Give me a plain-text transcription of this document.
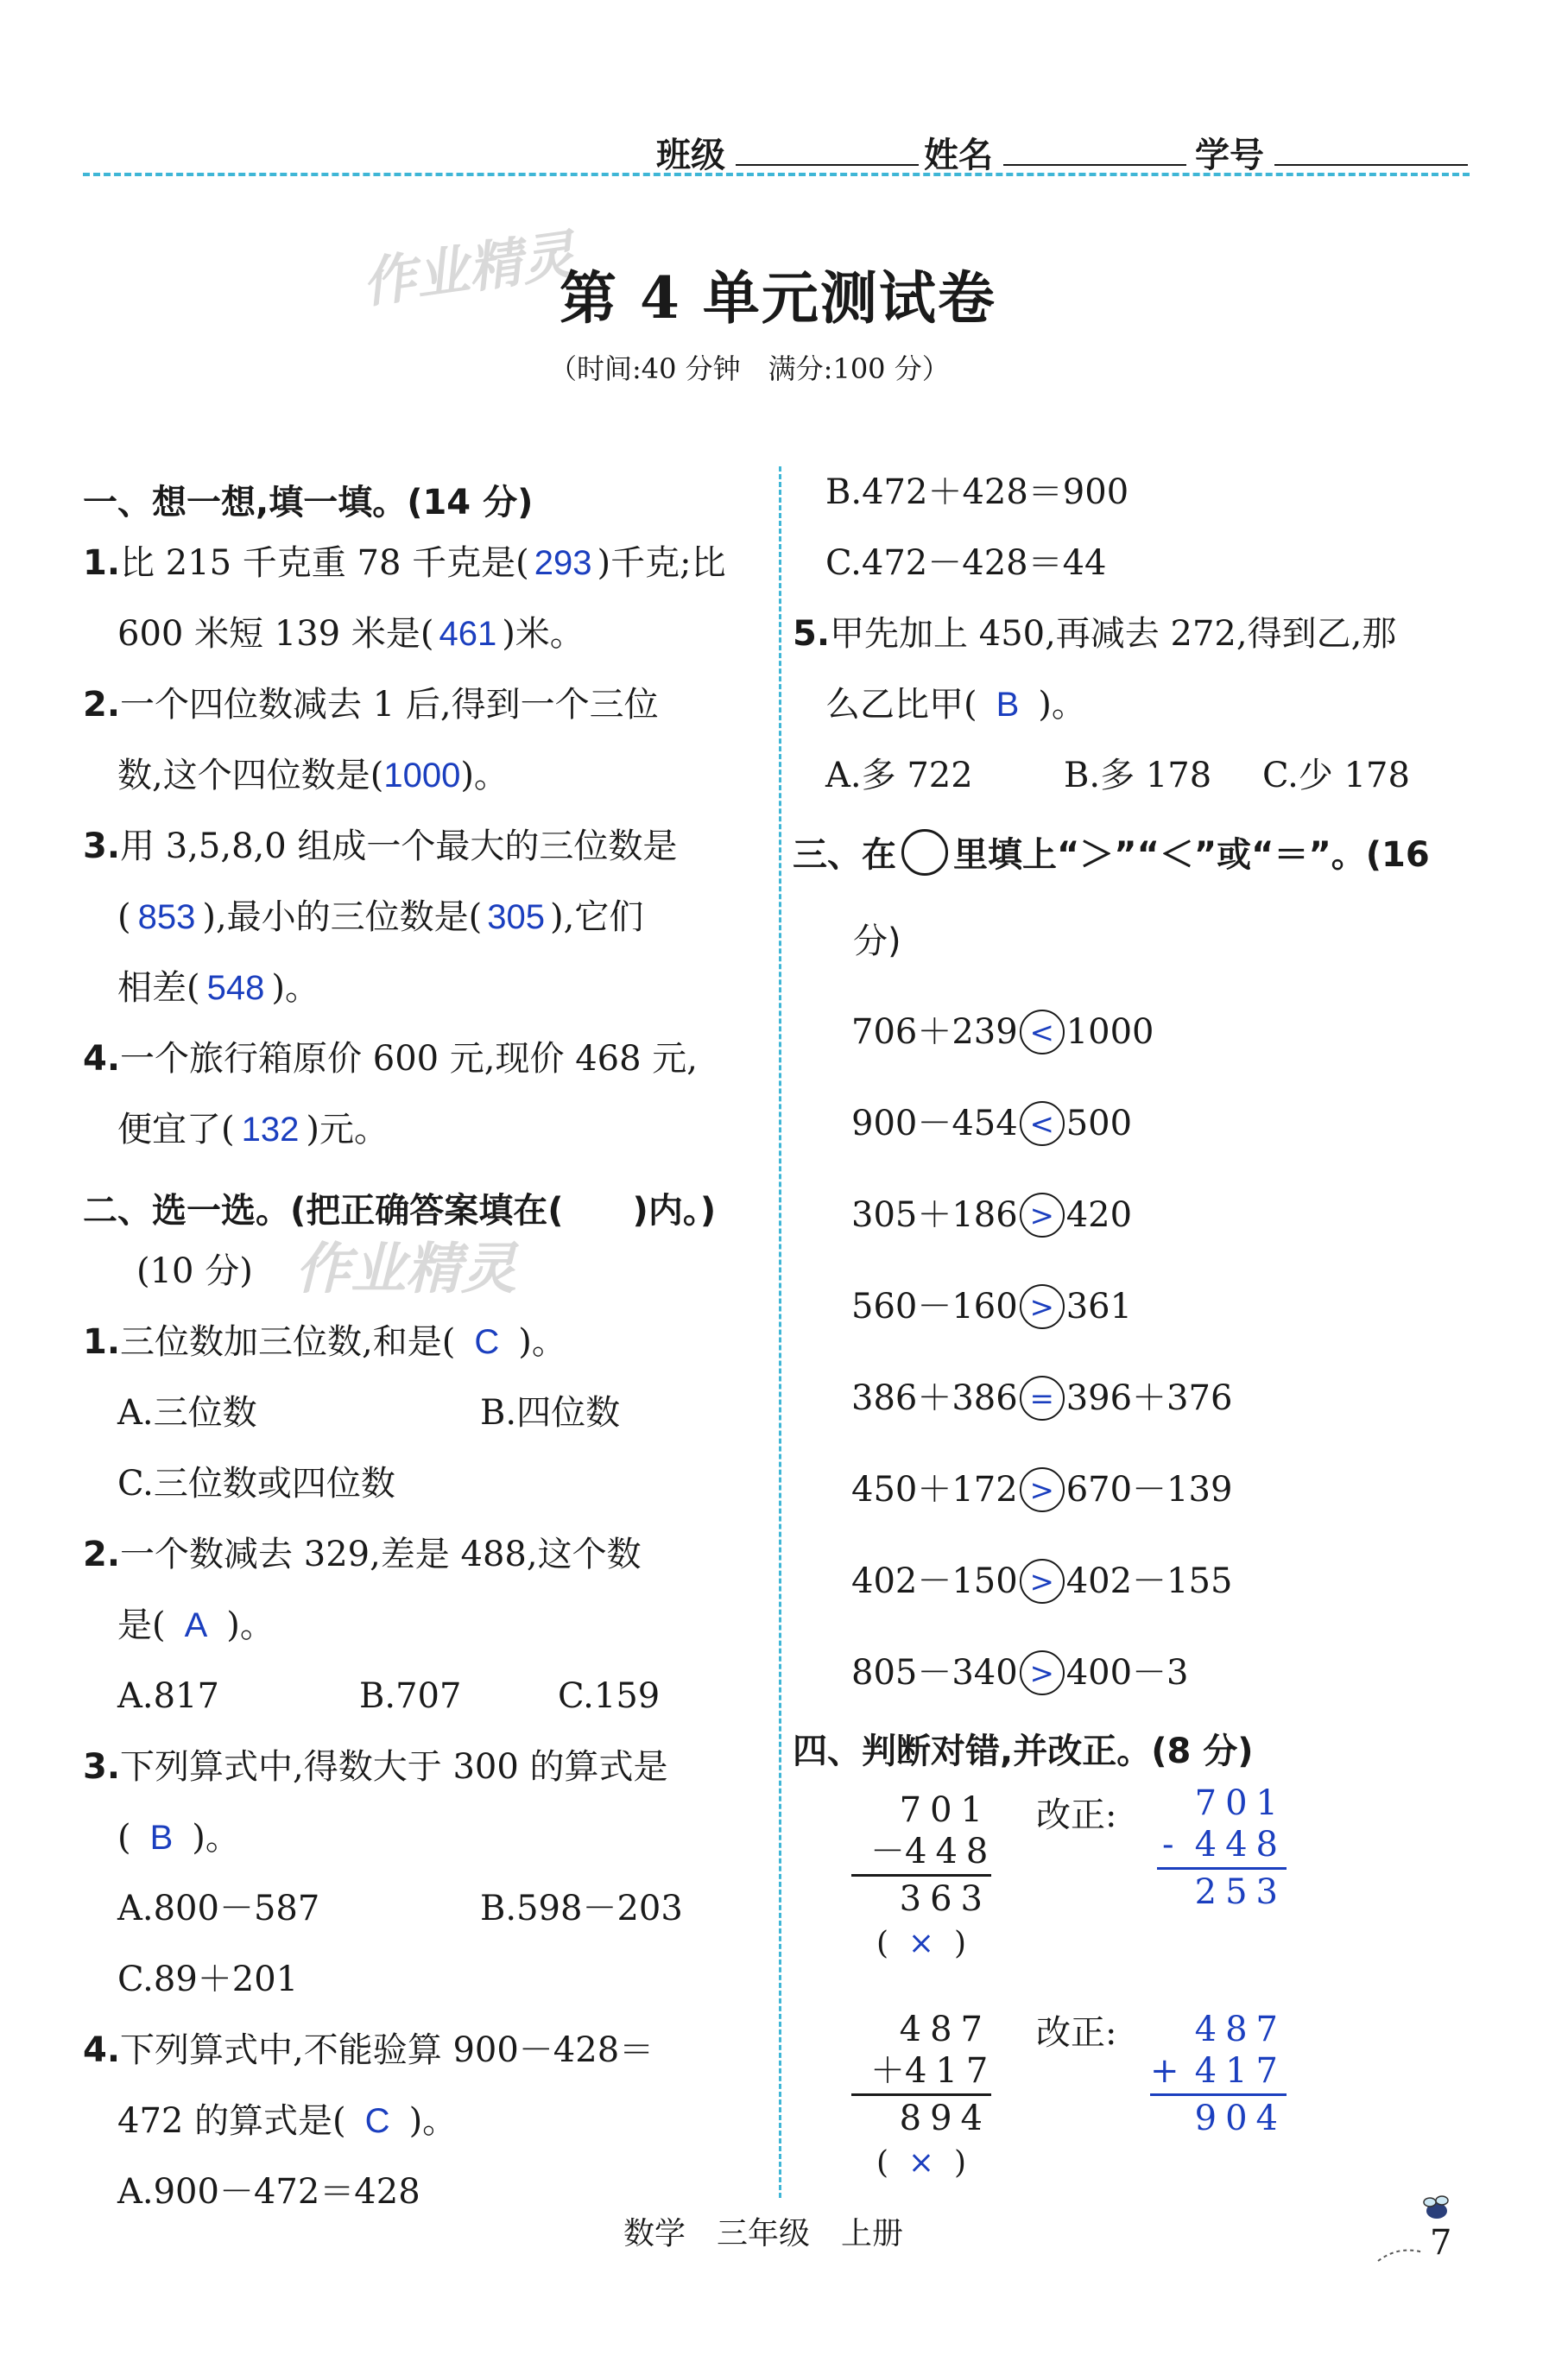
班级	姓名	学号
作业精灵
第 4 单元测试卷
（时间:40 分钟　满分:100 分）
一、想一想,填一填。(14 分)
1.比 215 千克重 78 千克是( 293 )千克;比
600 米短 139 米是( 461 )米。
2.一个四位数减去 1 后,得到一个三位
数,这个四位数是(1000)。
3.用 3,5,8,0 组成一个最大的三位数是
( 853 ),最小的三位数是( 305 ),它们
相差( 548 )。
4.一个旅行箱原价 600 元,现价 468 元,
便宜了( 132 )元。
二、选一选。(把正确答案填在(　　)内。)
(10 分) 作业精灵
1.三位数加三位数,和是( C )。
A.三位数	B.四位数
C.三位数或四位数
2.一个数减去 329,差是 488,这个数
是( A )。
A.817	B.707	C.159
3.下列算式中,得数大于 300 的算式是
( B )。
A.800－587	B.598－203
C.89＋201
4.下列算式中,不能验算 900－428＝
472 的算式是( C )。
A.900－472＝428
B.472＋428＝900
C.472－428＝44
5.甲先加上 450,再减去 272,得到乙,那
么乙比甲( B )。
A.多 722	B.多 178 C.少 178
三、在 里填上“＞”“＜”或“＝”。(16
分)
706＋239 < 1000
900－454 < 500
305＋186 > 420
560－160 > 361
386＋386 = 396＋376
450＋172 > 670－139
402－150 > 402－155
805－340 > 400－3
四、判断对错,并改正。(8 分)
701
－ 448
363
(  ×  )
改正:	701
- 448
253
487
＋ 417
894
(  ×  )
改正:	487
+ 417
904
数学　三年级　上册	7
